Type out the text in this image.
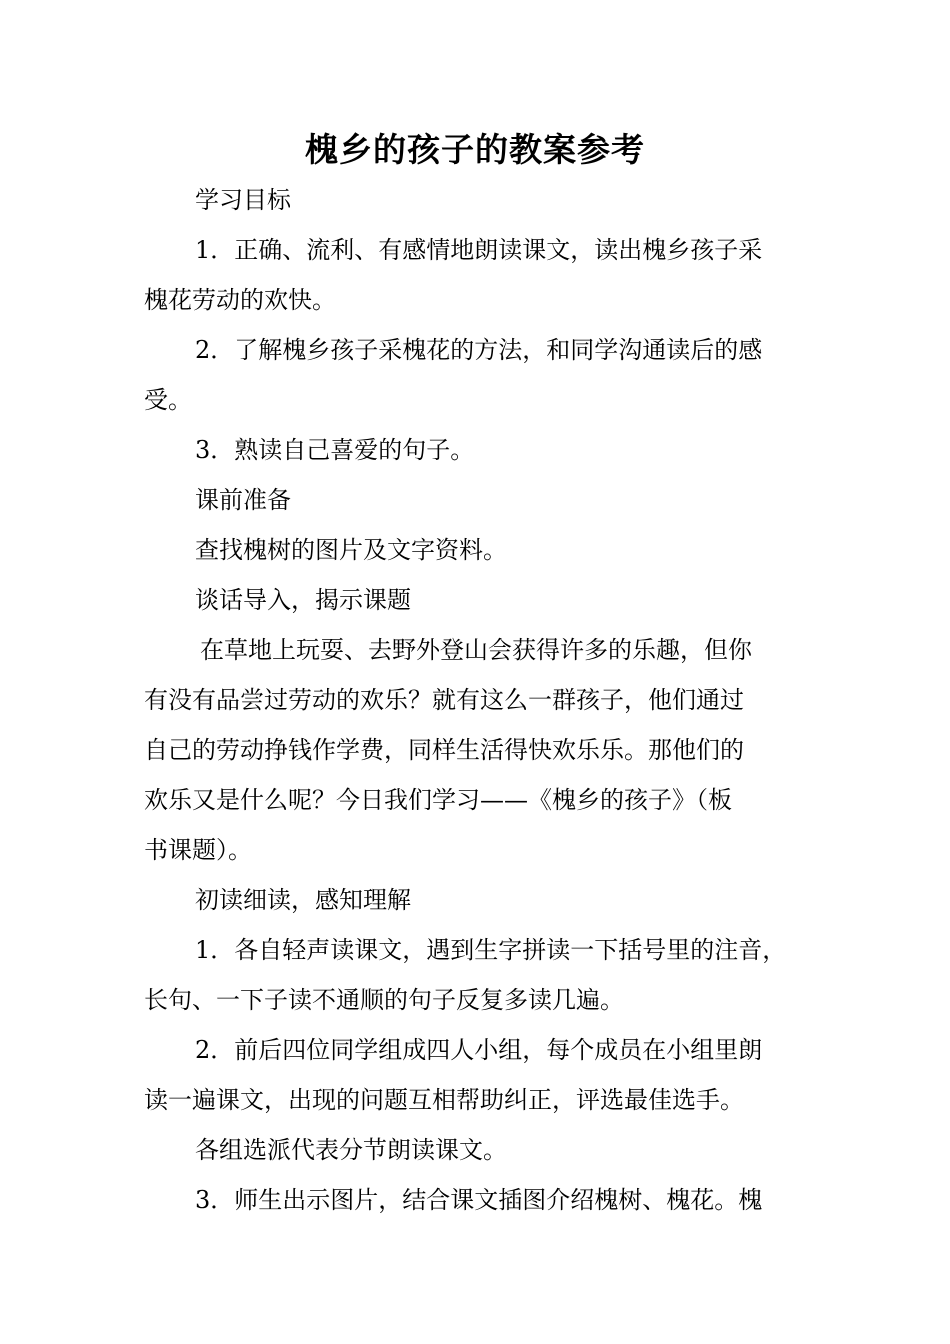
槐乡的孩子的教案参考
学习目标
1．正确、流利、有感情地朗读课文，读出槐乡孩子采
槐花劳动的欢快。
2．了解槐乡孩子采槐花的方法，和同学沟通读后的感
受。
3．熟读自己喜爱的句子。
课前准备
查找槐树的图片及文字资料。
谈话导入，揭示课题
在草地上玩耍、去野外登山会获得许多的乐趣，但你
有没有品尝过劳动的欢乐？就有这么一群孩子，他们通过
自己的劳动挣钱作学费，同样生活得快欢乐乐。那他们的
欢乐又是什么呢？今日我们学习——《槐乡的孩子》（板
书课题）。
初读细读，感知理解
1．各自轻声读课文，遇到生字拼读一下括号里的注音，
长句、一下子读不通顺的句子反复多读几遍。
2．前后四位同学组成四人小组，每个成员在小组里朗
读一遍课文，出现的问题互相帮助纠正，评选最佳选手。
各组选派代表分节朗读课文。
3．师生出示图片，结合课文插图介绍槐树、槐花。槐
